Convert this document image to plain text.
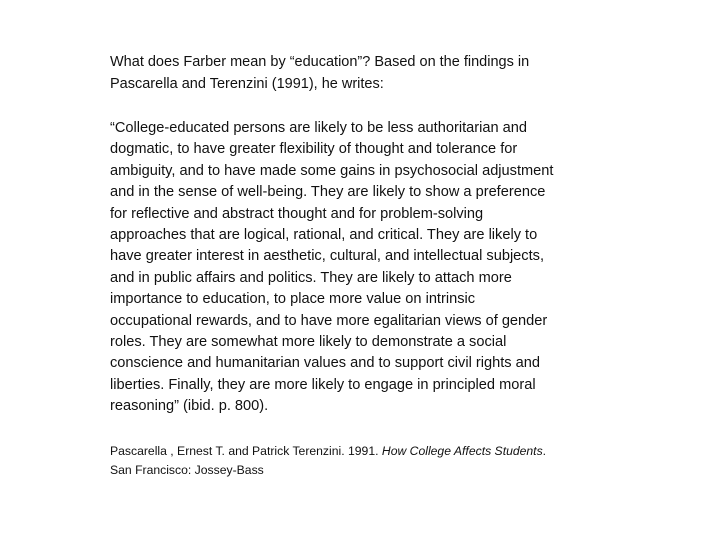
What does Farber mean by “education”? Based on the findings in
Pascarella and Terenzini (1991), he writes:

“College-educated persons are likely to be less authoritarian and
dogmatic, to have greater flexibility of thought and tolerance for
ambiguity, and to have made some gains in psychosocial adjustment
and in the sense of well-being. They are likely to show a preference
for reflective and abstract thought and for problem-solving
approaches that are logical, rational, and critical. They are likely to
have greater interest in aesthetic, cultural, and intellectual subjects,
and in public affairs and politics. They are likely to attach more
importance to education, to place more value on intrinsic
occupational rewards, and to have more egalitarian views of gender
roles. They are somewhat more likely to demonstrate a social
conscience and humanitarian values and to support civil rights and
liberties. Finally, they are more likely to engage in principled moral
reasoning” (ibid. p. 800).

Pascarella , Ernest T. and Patrick Terenzini. 1991. How College Affects Students.
San Francisco: Jossey-Bass
